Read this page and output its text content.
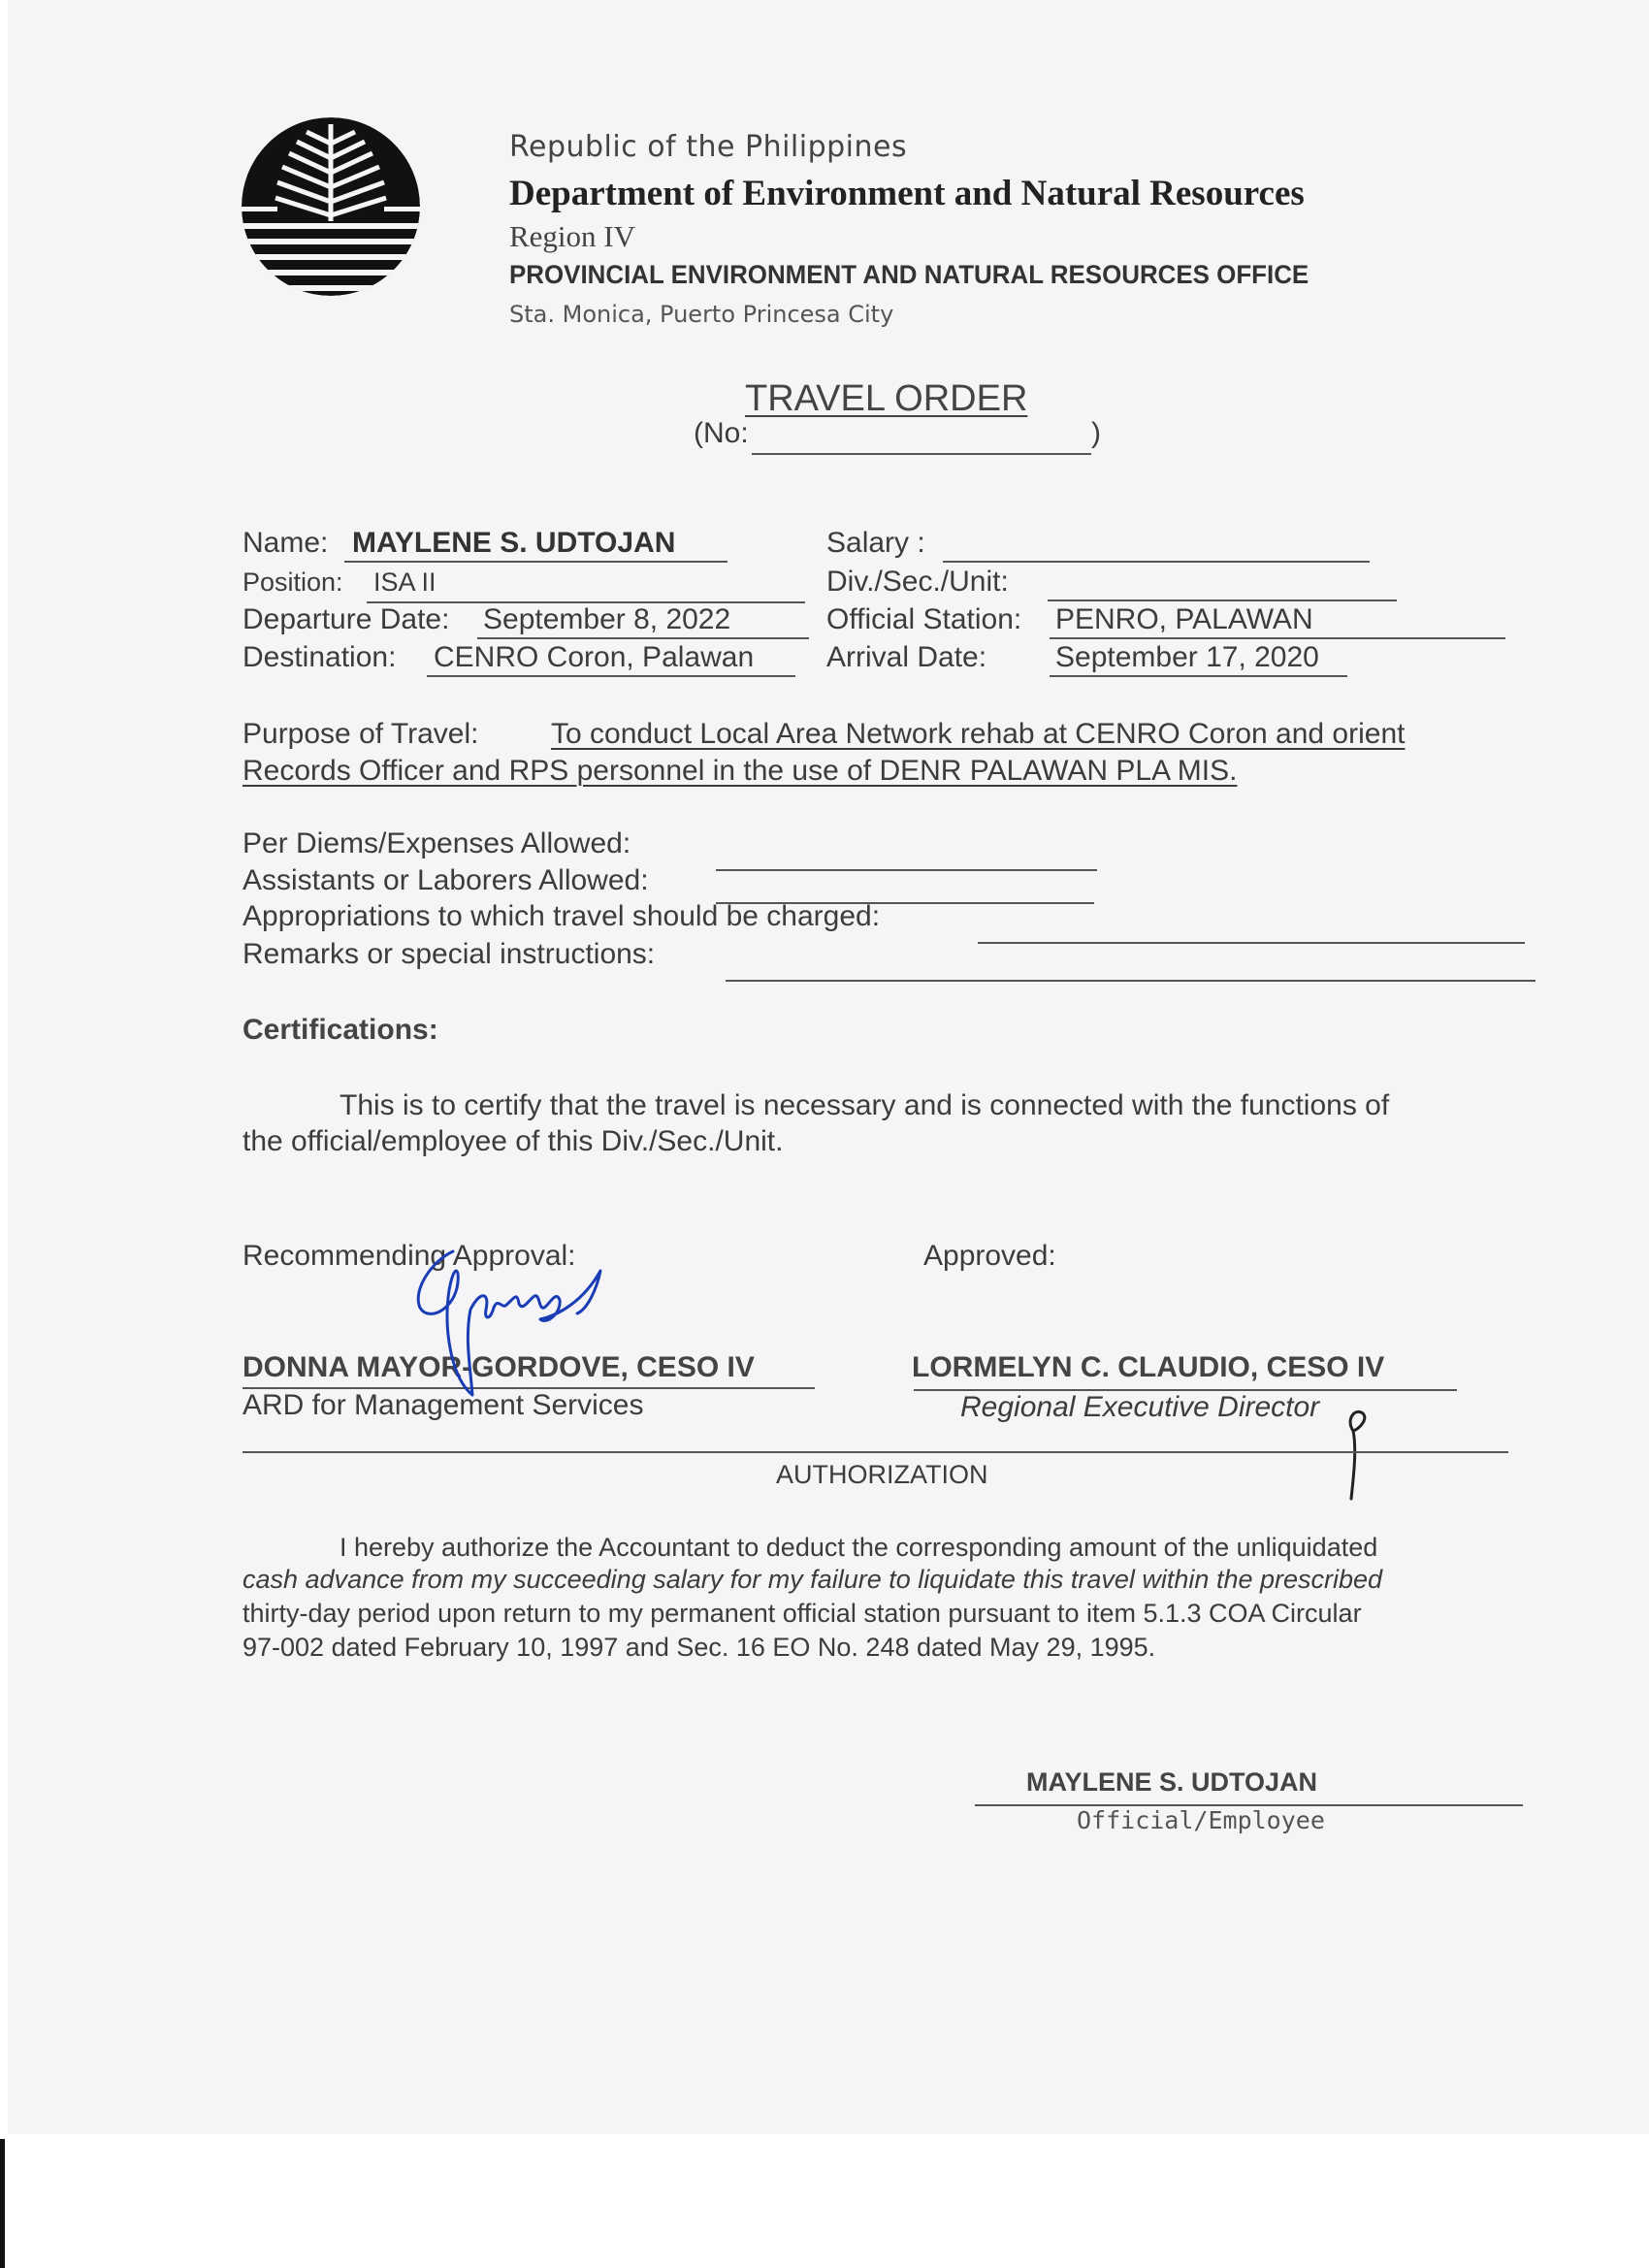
Republic of the Philippines
Department of Environment and Natural Resources
Region IV
PROVINCIAL ENVIRONMENT AND NATURAL RESOURCES OFFICE
Sta. Monica, Puerto Princesa City
TRAVEL ORDER
(No:	)
Name: MAYLENE S. UDTOJAN
Position: ISA II
Departure Date: September 8, 2022
Destination: CENRO Coron, Palawan
Salary :
Div./Sec./Unit:
Official Station: PENRO, PALAWAN
Arrival Date: September 17, 2020
Purpose of Travel: To conduct Local Area Network rehab at CENRO Coron and orient
Records Officer and RPS personnel in the use of DENR PALAWAN PLA MIS.
Per Diems/Expenses Allowed:
Assistants or Laborers Allowed:
Appropriations to which travel should be charged:
Remarks or special instructions:
Certifications:
This is to certify that the travel is necessary and is connected with the functions of
the official/employee of this Div./Sec./Unit.
Recommending Approval:	Approved:
DONNA MAYOR-GORDOVE, CESO IV
ARD for Management Services
LORMELYN C. CLAUDIO, CESO IV
Regional Executive Director
AUTHORIZATION
I hereby authorize the Accountant to deduct the corresponding amount of the unliquidated
cash advance from my succeeding salary for my failure to liquidate this travel within the prescribed
thirty-day period upon return to my permanent official station pursuant to item 5.1.3 COA Circular
97-002 dated February 10, 1997 and Sec. 16 EO No. 248 dated May 29, 1995.
MAYLENE S. UDTOJAN
Official/Employee
